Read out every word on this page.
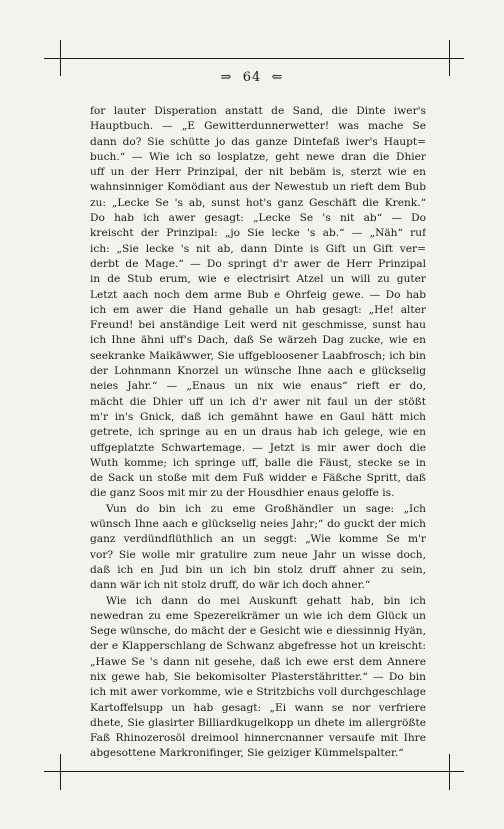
⇒ 64 ⇐
for lauter Disperation anstatt de Sand, die Dinte iwer's
Hauptbuch. — „E Gewitterdunnerwetter! was mache Se
dann do? Sie schütte jo das ganze Dintefaß iwer's Haupt=
buch.“ — Wie ich so losplatze, geht newe dran die Dhier
uff un der Herr Prinzipal, der nit bebäm is, sterzt wie en
wahnsinniger Komödiant aus der Newestub un rieft dem Bub
zu: „Lecke Se 's ab, sunst hot's ganz Geschäft die Krenk.“
Do hab ich awer gesagt: „Lecke Se 's nit ab“ — Do
kreischt der Prinzipal: „jo Sie lecke 's ab.“ — „Näh“ ruf
ich: „Sie lecke 's nit ab, dann Dinte is Gift un Gift ver=
derbt de Mage.“ — Do springt d'r awer de Herr Prinzipal
in de Stub erum, wie e electrisirt Atzel un will zu guter
Letzt aach noch dem arme Bub e Ohrfeig gewe. — Do hab
ich em awer die Hand gehalle un hab gesagt: „He! alter
Freund! bei anständige Leit werd nit geschmisse, sunst hau
ich Ihne ähni uff's Dach, daß Se wärzeh Dag zucke, wie en
seekranke Maikäwwer, Sie uffgebloosener Laabfrosch; ich bin
der Lohnmann Knorzel un wünsche Ihne aach e glückselig
neies Jahr.“ — „Enaus un nix wie enaus“ rieft er do,
mächt die Dhier uff un ich d'r awer nit faul un der stößt
m'r in's Gnick, daß ich gemähnt hawe en Gaul hätt mich
getrete, ich springe au en un draus hab ich gelege, wie en
uffgeplatzte Schwartemage. — Jetzt is mir awer doch die
Wuth komme; ich springe uff, balle die Fäust, stecke se in
de Sack un stoße mit dem Fuß widder e Fäßche Spritt, daß
die ganz Soos mit mir zu der Housdhier enaus geloffe is.
Vun do bin ich zu eme Großhändler un sage: „Ich
wünsch Ihne aach e glückselig neies Jahr;“ do guckt der mich
ganz verdündflüthlich an un seggt: „Wie komme Se m'r
vor? Sie wolle mir gratulire zum neue Jahr un wisse doch,
daß ich en Jud bin un ich bin stolz druff ahner zu sein,
dann wär ich nit stolz druff, do wär ich doch ahner.“
Wie ich dann do mei Auskunft gehatt hab, bin ich
newedran zu eme Spezereikrämer un wie ich dem Glück un
Sege wünsche, do mächt der e Gesicht wie e diessinnig Hyän,
der e Klapperschlang de Schwanz abgefresse hot un kreischt:
„Hawe Se 's dann nit gesehe, daß ich ewe erst dem Annere
nix gewe hab, Sie bekomisolter Plasterstähritter.“ — Do bin
ich mit awer vorkomme, wie e Stritzbichs voll durchgeschlage
Kartoffelsupp un hab gesagt: „Ei wann se nor verfriere
dhete, Sie glasirter Billiardkugelkopp un dhete im allergrößte
Faß Rhinozerosöl dreimool hinnercnanner versaufe mit Ihre
abgesottene Markronifinger, Sie geiziger Kümmelspalter.“
